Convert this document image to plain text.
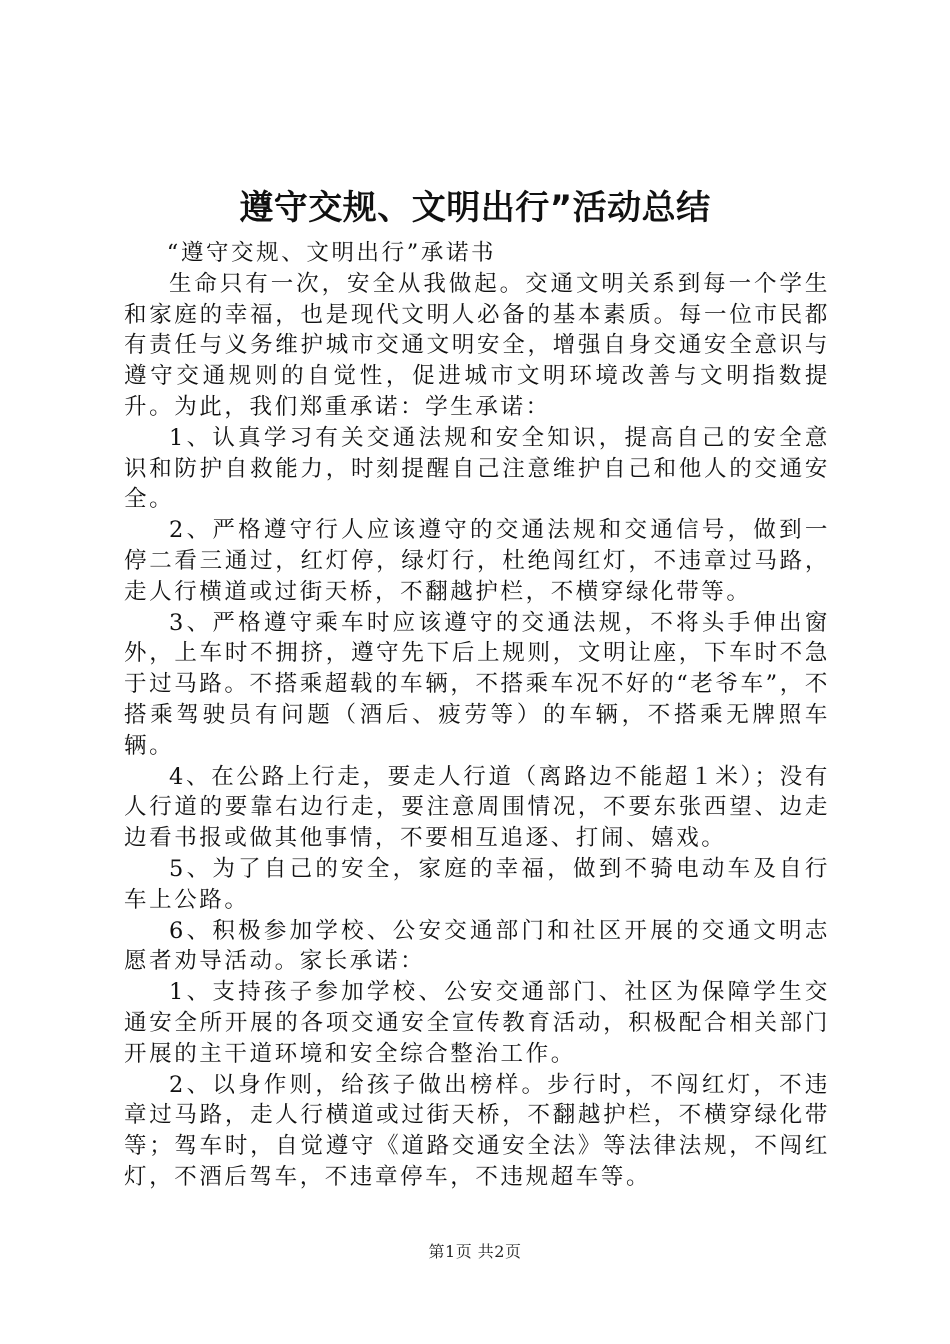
遵守交规、文明出行”活动总结

“遵守交规、文明出行”承诺书

生命只有一次，安全从我做起。交通文明关系到每一个学生和家庭的幸福，也是现代文明人必备的基本素质。每一位市民都有责任与义务维护城市交通文明安全，增强自身交通安全意识与遵守交通规则的自觉性，促进城市文明环境改善与文明指数提升。为此，我们郑重承诺：学生承诺：

1、认真学习有关交通法规和安全知识，提高自己的安全意识和防护自救能力，时刻提醒自己注意维护自己和他人的交通安全。

2、严格遵守行人应该遵守的交通法规和交通信号，做到一停二看三通过，红灯停，绿灯行，杜绝闯红灯，不违章过马路，走人行横道或过街天桥，不翻越护栏，不横穿绿化带等。

3、严格遵守乘车时应该遵守的交通法规，不将头手伸出窗外，上车时不拥挤，遵守先下后上规则，文明让座，下车时不急于过马路。不搭乘超载的车辆，不搭乘车况不好的“老爷车”，不搭乘驾驶员有问题（酒后、疲劳等）的车辆，不搭乘无牌照车辆。

4、在公路上行走，要走人行道（离路边不能超１米）；没有人行道的要靠右边行走，要注意周围情况，不要东张西望、边走边看书报或做其他事情，不要相互追逐、打闹、嬉戏。

5、为了自己的安全，家庭的幸福，做到不骑电动车及自行车上公路。

6、积极参加学校、公安交通部门和社区开展的交通文明志愿者劝导活动。家长承诺：

1、支持孩子参加学校、公安交通部门、社区为保障学生交通安全所开展的各项交通安全宣传教育活动，积极配合相关部门开展的主干道环境和安全综合整治工作。

2、以身作则，给孩子做出榜样。步行时，不闯红灯，不违章过马路，走人行横道或过街天桥，不翻越护栏，不横穿绿化带等；驾车时，自觉遵守《道路交通安全法》等法律法规，不闯红灯，不酒后驾车，不违章停车，不违规超车等。

第1页 共2页
